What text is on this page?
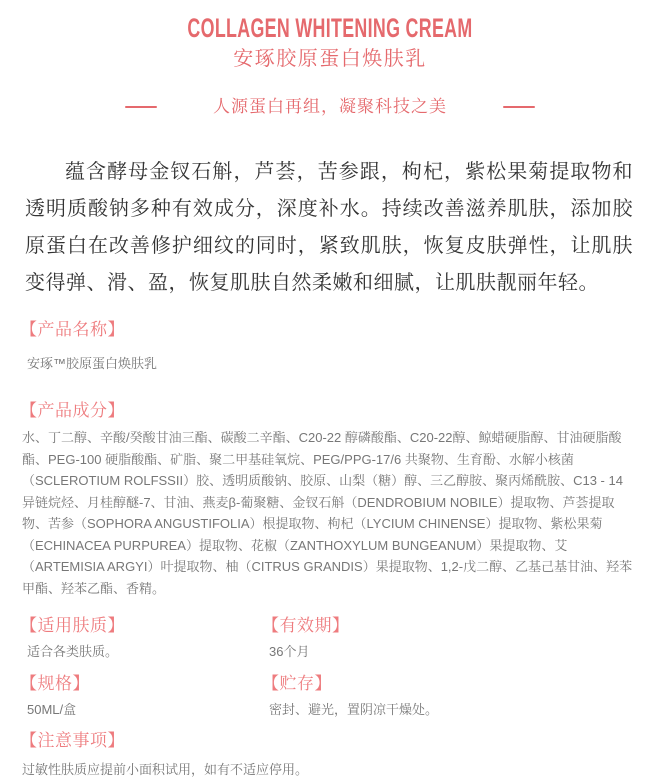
COLLAGEN WHITENING CREAM
安琢胶原蛋白焕肤乳
人源蛋白再组，凝聚科技之美

蕴含酵母金钗石斛，芦荟，苦参跟，枸杞，紫松果菊提取物和透明质酸钠多种有效成分，深度补水。持续改善滋养肌肤，添加胶原蛋白在改善修护细纹的同时，紧致肌肤，恢复皮肤弹性，让肌肤变得弹、滑、盈，恢复肌肤自然柔嫩和细腻，让肌肤靓丽年轻。

【产品名称】
安琢™胶原蛋白焕肤乳
【产品成分】
水、丁二醇、辛酸/癸酸甘油三酯、碳酸二辛酯、C20-22 醇磷酸酯、C20-22醇、鲸蜡硬脂醇、甘油硬脂酸酯、PEG-100 硬脂酸酯、矿脂、聚二甲基硅氧烷、PEG/PPG-17/6 共聚物、生育酚、水解小核菌（SCLEROTIUM ROLFSSII）胶、透明质酸钠、胶原、山梨（糖）醇、三乙醇胺、聚丙烯酰胺、C13 - 14异链烷烃、月桂醇醚-7、甘油、燕麦β-葡聚糖、金钗石斛（DENDROBIUM NOBILE）提取物、芦荟提取物、苦参（SOPHORA ANGUSTIFOLIA）根提取物、枸杞（LYCIUM CHINENSE）提取物、紫松果菊（ECHINACEA PURPUREA）提取物、花椒（ZANTHOXYLUM BUNGEANUM）果提取物、艾（ARTEMISIA ARGYI）叶提取物、柚（CITRUS GRANDIS）果提取物、1,2-戊二醇、乙基己基甘油、羟苯甲酯、羟苯乙酯、香精。
【适用肤质】
适合各类肤质。
【有效期】
36个月
【规格】
50ML/盒
【贮存】
密封、避光，置阴凉干燥处。
【注意事项】
过敏性肤质应提前小面积试用，如有不适应停用。
